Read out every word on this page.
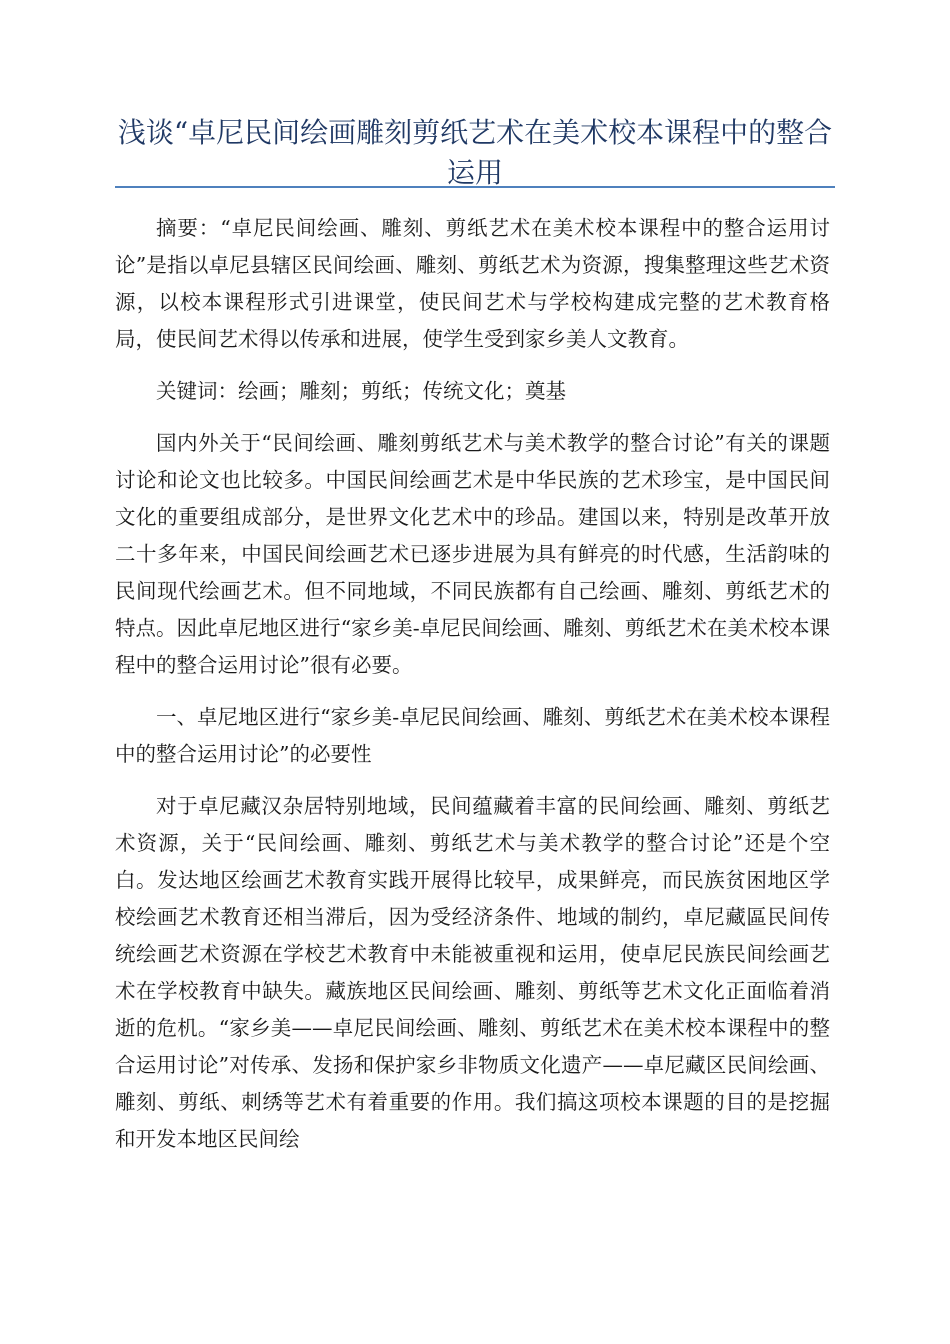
浅谈“卓尼民间绘画雕刻剪纸艺术在美术校本课程中的整合运用

摘要：“卓尼民间绘画、雕刻、剪纸艺术在美术校本课程中的整合运用讨论”是指以卓尼县辖区民间绘画、雕刻、剪纸艺术为资源，搜集整理这些艺术资源，以校本课程形式引进课堂，使民间艺术与学校构建成完整的艺术教育格局，使民间艺术得以传承和进展，使学生受到家乡美人文教育。

关键词：绘画；雕刻；剪纸；传统文化；奠基

国内外关于“民间绘画、雕刻剪纸艺术与美术教学的整合讨论”有关的课题讨论和论文也比较多。中国民间绘画艺术是中华民族的艺术珍宝，是中国民间文化的重要组成部分，是世界文化艺术中的珍品。建国以来，特别是改革开放二十多年来，中国民间绘画艺术已逐步进展为具有鲜亮的时代感，生活韵味的民间现代绘画艺术。但不同地域，不同民族都有自己绘画、雕刻、剪纸艺术的特点。因此卓尼地区进行“家乡美-卓尼民间绘画、雕刻、剪纸艺术在美术校本课程中的整合运用讨论”很有必要。

一、卓尼地区进行“家乡美-卓尼民间绘画、雕刻、剪纸艺术在美术校本课程中的整合运用讨论”的必要性

对于卓尼藏汉杂居特别地域，民间蕴藏着丰富的民间绘画、雕刻、剪纸艺术资源，关于“民间绘画、雕刻、剪纸艺术与美术教学的整合讨论”还是个空白。发达地区绘画艺术教育实践开展得比较早，成果鲜亮，而民族贫困地区学校绘画艺术教育还相当滞后，因为受经济条件、地域的制约，卓尼藏區民间传统绘画艺术资源在学校艺术教育中未能被重视和运用，使卓尼民族民间绘画艺术在学校教育中缺失。藏族地区民间绘画、雕刻、剪纸等艺术文化正面临着消逝的危机。“家乡美——卓尼民间绘画、雕刻、剪纸艺术在美术校本课程中的整合运用讨论”对传承、发扬和保护家乡非物质文化遗产——卓尼藏区民间绘画、雕刻、剪纸、刺绣等艺术有着重要的作用。我们搞这项校本课题的目的是挖掘和开发本地区民间绘
